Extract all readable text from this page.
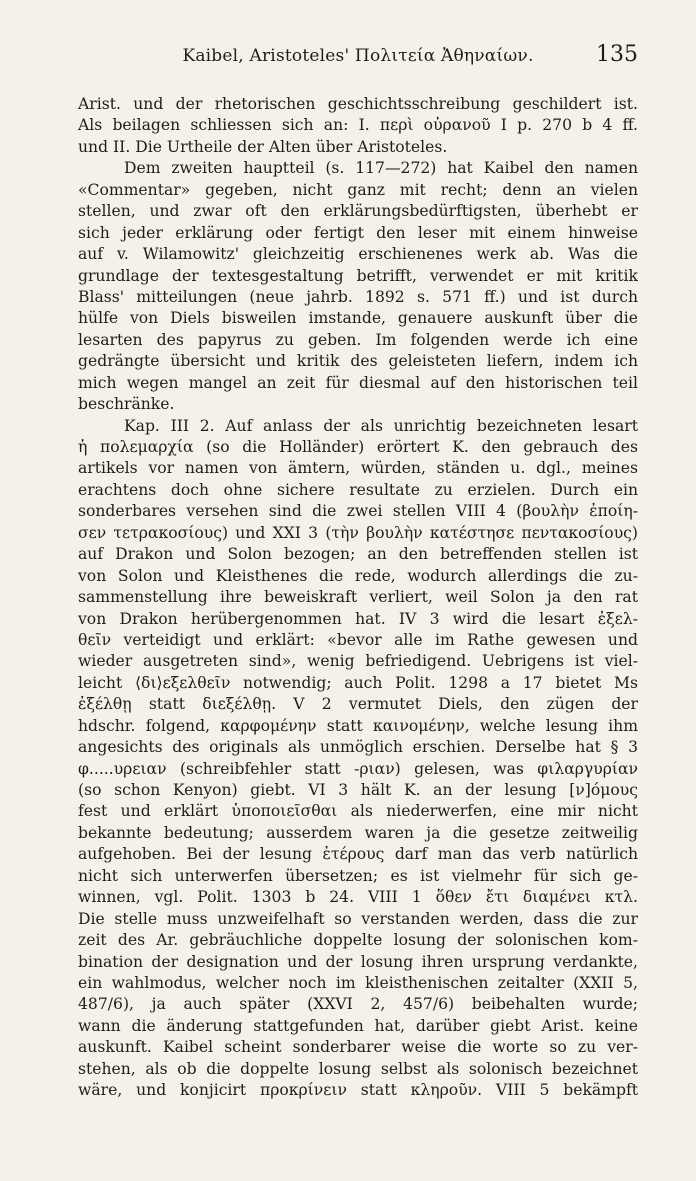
Kaibel, Aristoteles' Πολιτεία Ἀθηναίων.	135
Arist. und der rhetorischen geschichtsschreibung geschildert ist.
Als beilagen schliessen sich an: I. περὶ οὐρανοῦ I p. 270 b 4 ff.
und II. Die Urtheile der Alten über Aristoteles.
Dem zweiten hauptteil (s. 117—272) hat Kaibel den namen
«Commentar» gegeben, nicht ganz mit recht; denn an vielen
stellen, und zwar oft den erklärungsbedürftigsten, überhebt er
sich jeder erklärung oder fertigt den leser mit einem hinweise
auf v. Wilamowitz' gleichzeitig erschienenes werk ab. Was die
grundlage der textesgestaltung betrifft, verwendet er mit kritik
Blass' mitteilungen (neue jahrb. 1892 s. 571 ff.) und ist durch
hülfe von Diels bisweilen imstande, genauere auskunft über die
lesarten des papyrus zu geben. Im folgenden werde ich eine
gedrängte übersicht und kritik des geleisteten liefern, indem ich
mich wegen mangel an zeit für diesmal auf den historischen teil
beschränke.
Kap. III 2. Auf anlass der als unrichtig bezeichneten lesart
ἡ πολεμαρχία (so die Holländer) erörtert K. den gebrauch des
artikels vor namen von ämtern, würden, ständen u. dgl., meines
erachtens doch ohne sichere resultate zu erzielen. Durch ein
sonderbares versehen sind die zwei stellen VIII 4 (βουλὴν ἐποίη-
σεν τετρακοσίους) und XXI 3 (τὴν βουλὴν κατέστησε πεντακοσίους)
auf Drakon und Solon bezogen; an den betreffenden stellen ist
von Solon und Kleisthenes die rede, wodurch allerdings die zu-
sammenstellung ihre beweiskraft verliert, weil Solon ja den rat
von Drakon herübergenommen hat. IV 3 wird die lesart ἐξελ-
θεῖν verteidigt und erklärt: «bevor alle im Rathe gewesen und
wieder ausgetreten sind», wenig befriedigend. Uebrigens ist viel-
leicht ⟨δι⟩εξελθεῖν notwendig; auch Polit. 1298 a 17 bietet Ms
ἐξέλθῃ statt διεξέλθῃ. V 2 vermutet Diels, den zügen der
hdschr. folgend, καρφομένην statt καινομένην, welche lesung ihm
angesichts des originals als unmöglich erschien. Derselbe hat § 3
φ.....υρειαν (schreibfehler statt -ριαν) gelesen, was φιλαργυρίαν
(so schon Kenyon) giebt. VI 3 hält K. an der lesung [ν]όμους
fest und erklärt ὑποποιεῖσθαι als niederwerfen, eine mir nicht
bekannte bedeutung; ausserdem waren ja die gesetze zeitweilig
aufgehoben. Bei der lesung ἑτέρους darf man das verb natürlich
nicht sich unterwerfen übersetzen; es ist vielmehr für sich ge-
winnen, vgl. Polit. 1303 b 24. VIII 1 ὅθεν ἔτι διαμένει κτλ.
Die stelle muss unzweifelhaft so verstanden werden, dass die zur
zeit des Ar. gebräuchliche doppelte losung der solonischen kom-
bination der designation und der losung ihren ursprung verdankte,
ein wahlmodus, welcher noch im kleisthenischen zeitalter (XXII 5,
487/6), ja auch später (XXVI 2, 457/6) beibehalten wurde;
wann die änderung stattgefunden hat, darüber giebt Arist. keine
auskunft. Kaibel scheint sonderbarer weise die worte so zu ver-
stehen, als ob die doppelte losung selbst als solonisch bezeichnet
wäre, und konjicirt προκρίνειν statt κληροῦν. VIII 5 bekämpft
